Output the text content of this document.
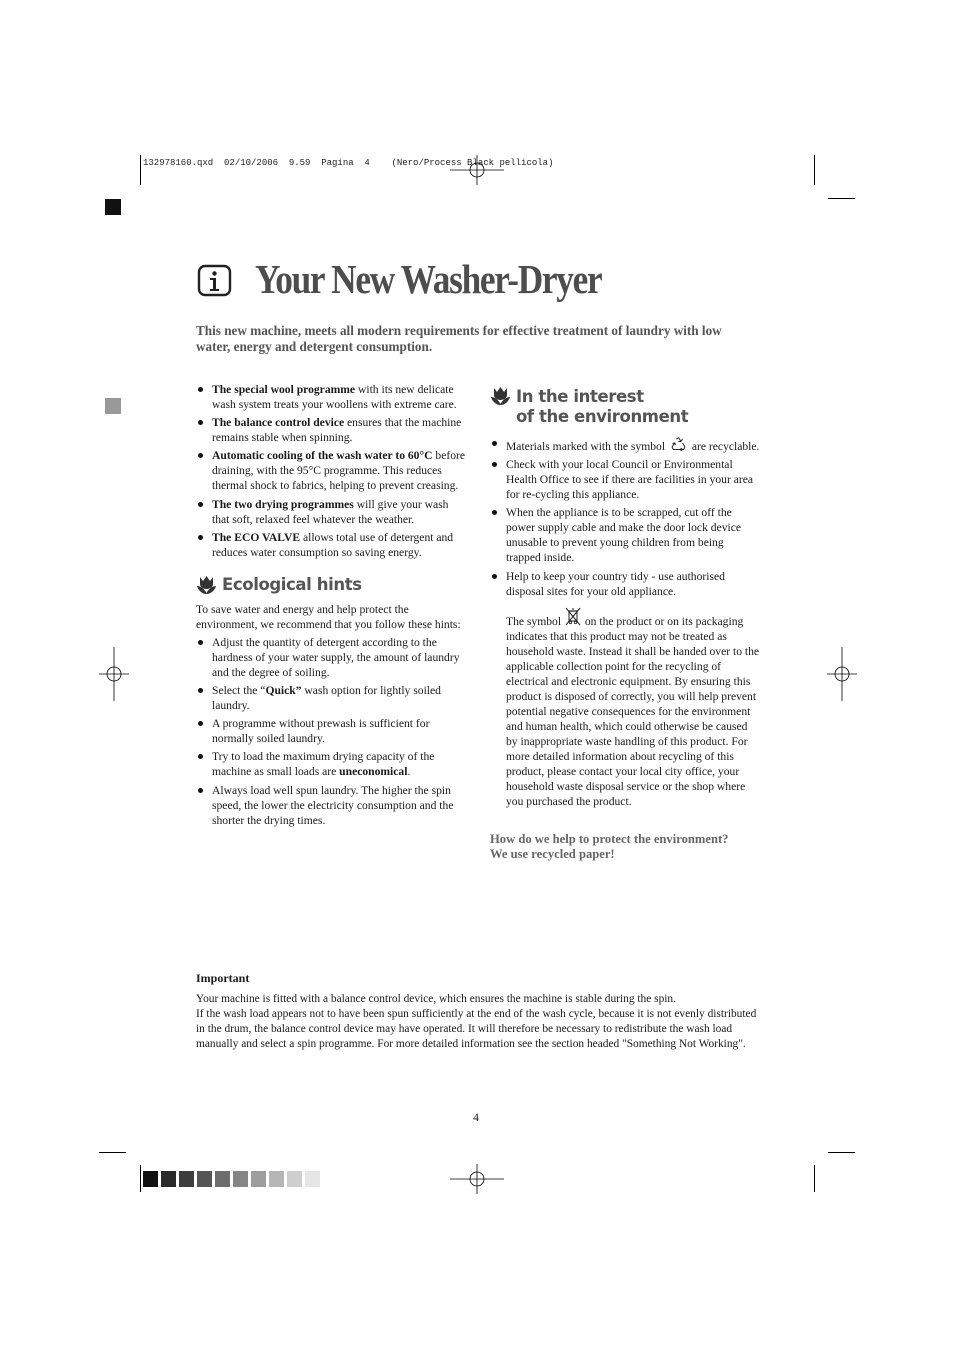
132978160.qxd  02/10/2006  9.59  Pagina  4    (Nero/Process Black pellicola)
Your New Washer-Dryer
This new machine, meets all modern requirements for effective treatment of laundry with low water, energy and detergent consumption.
The special wool programme with its new delicate wash system treats your woollens with extreme care.
The balance control device ensures that the machine remains stable when spinning.
Automatic cooling of the wash water to 60°C before draining, with the 95°C programme. This reduces thermal shock to fabrics, helping to prevent creasing.
The two drying programmes will give your wash that soft, relaxed feel whatever the weather.
The ECO VALVE allows total use of detergent and reduces water consumption so saving energy.
Ecological hints
To save water and energy and help protect the environment, we recommend that you follow these hints:
Adjust the quantity of detergent according to the hardness of your water supply, the amount of laundry and the degree of soiling.
Select the “Quick” wash option for lightly soiled laundry.
A programme without prewash is sufficient for normally soiled laundry.
Try to load the maximum drying capacity of the machine as small loads are uneconomical.
Always load well spun laundry. The higher the spin speed, the lower the electricity consumption and the shorter the drying times.
In the interest
of the environment
Materials marked with the symbol  are recyclable.
Check with your local Council or Environmental Health Office to see if there are facilities in your area for re-cycling this appliance.
When the appliance is to be scrapped, cut off the power supply cable and make the door lock device unusable to prevent young children from being trapped inside.
Help to keep your country tidy - use authorised disposal sites for your old appliance.
The symbol  on the product or on its packaging indicates that this product may not be treated as household waste. Instead it shall be handed over to the applicable collection point for the recycling of electrical and electronic equipment. By ensuring this product is disposed of correctly, you will help prevent potential negative consequences for the environment and human health, which could otherwise be caused by inappropriate waste handling of this product. For more detailed information about recycling of this product, please contact your local city office, your household waste disposal service or the shop where you purchased the product.
How do we help to protect the environment?
We use recycled paper!
Important
Your machine is fitted with a balance control device, which ensures the machine is stable during the spin.
If the wash load appears not to have been spun sufficiently at the end of the wash cycle, because it is not evenly distributed in the drum, the balance control device may have operated. It will therefore be necessary to redistribute the wash load manually and select a spin programme. For more detailed information see the section headed "Something Not Working".
4
